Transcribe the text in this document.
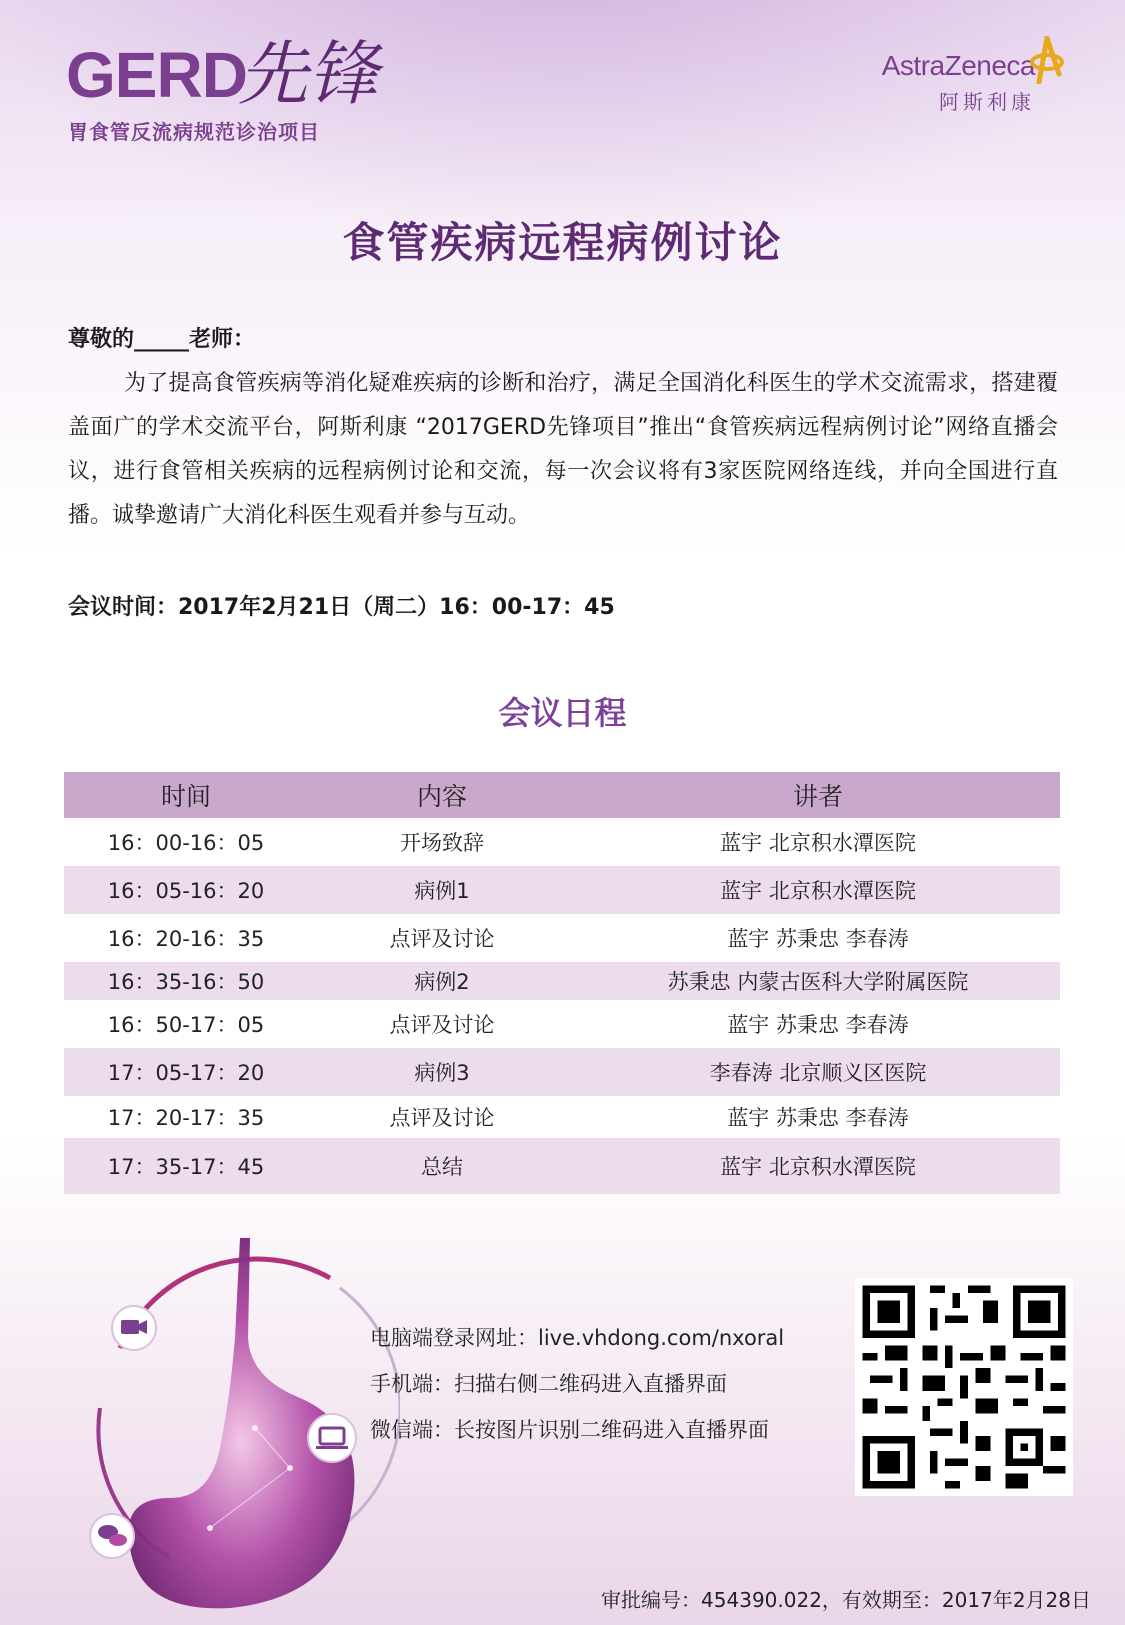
GERD
先锋
胃食管反流病规范诊治项目
AstraZeneca
阿斯利康
食管疾病远程病例讨论
尊敬的_____老师：
为了提高食管疾病等消化疑难疾病的诊断和治疗，满足全国消化科医生的学术交流需求，搭建覆盖面广的学术交流平台，阿斯利康 “2017GERD先锋项目”推出“食管疾病远程病例讨论”网络直播会议，进行食管相关疾病的远程病例讨论和交流，每一次会议将有3家医院网络连线，并向全国进行直播。诚挚邀请广大消化科医生观看并参与互动。
会议时间：2017年2月21日（周二）16：00-17：45
会议日程
时间	内容	讲者
16：00-16：05	开场致辞	蓝宇 北京积水潭医院
16：05-16：20	病例1	蓝宇 北京积水潭医院
16：20-16：35	点评及讨论	蓝宇 苏秉忠 李春涛
16：35-16：50	病例2	苏秉忠 内蒙古医科大学附属医院
16：50-17：05	点评及讨论	蓝宇 苏秉忠 李春涛
17：05-17：20	病例3	李春涛 北京顺义区医院
17：20-17：35	点评及讨论	蓝宇 苏秉忠 李春涛
17：35-17：45	总结	蓝宇 北京积水潭医院
电脑端登录网址：live.vhdong.com/nxoral
手机端：扫描右侧二维码进入直播界面
微信端：长按图片识别二维码进入直播界面
审批编号：454390.022，有效期至：2017年2月28日
